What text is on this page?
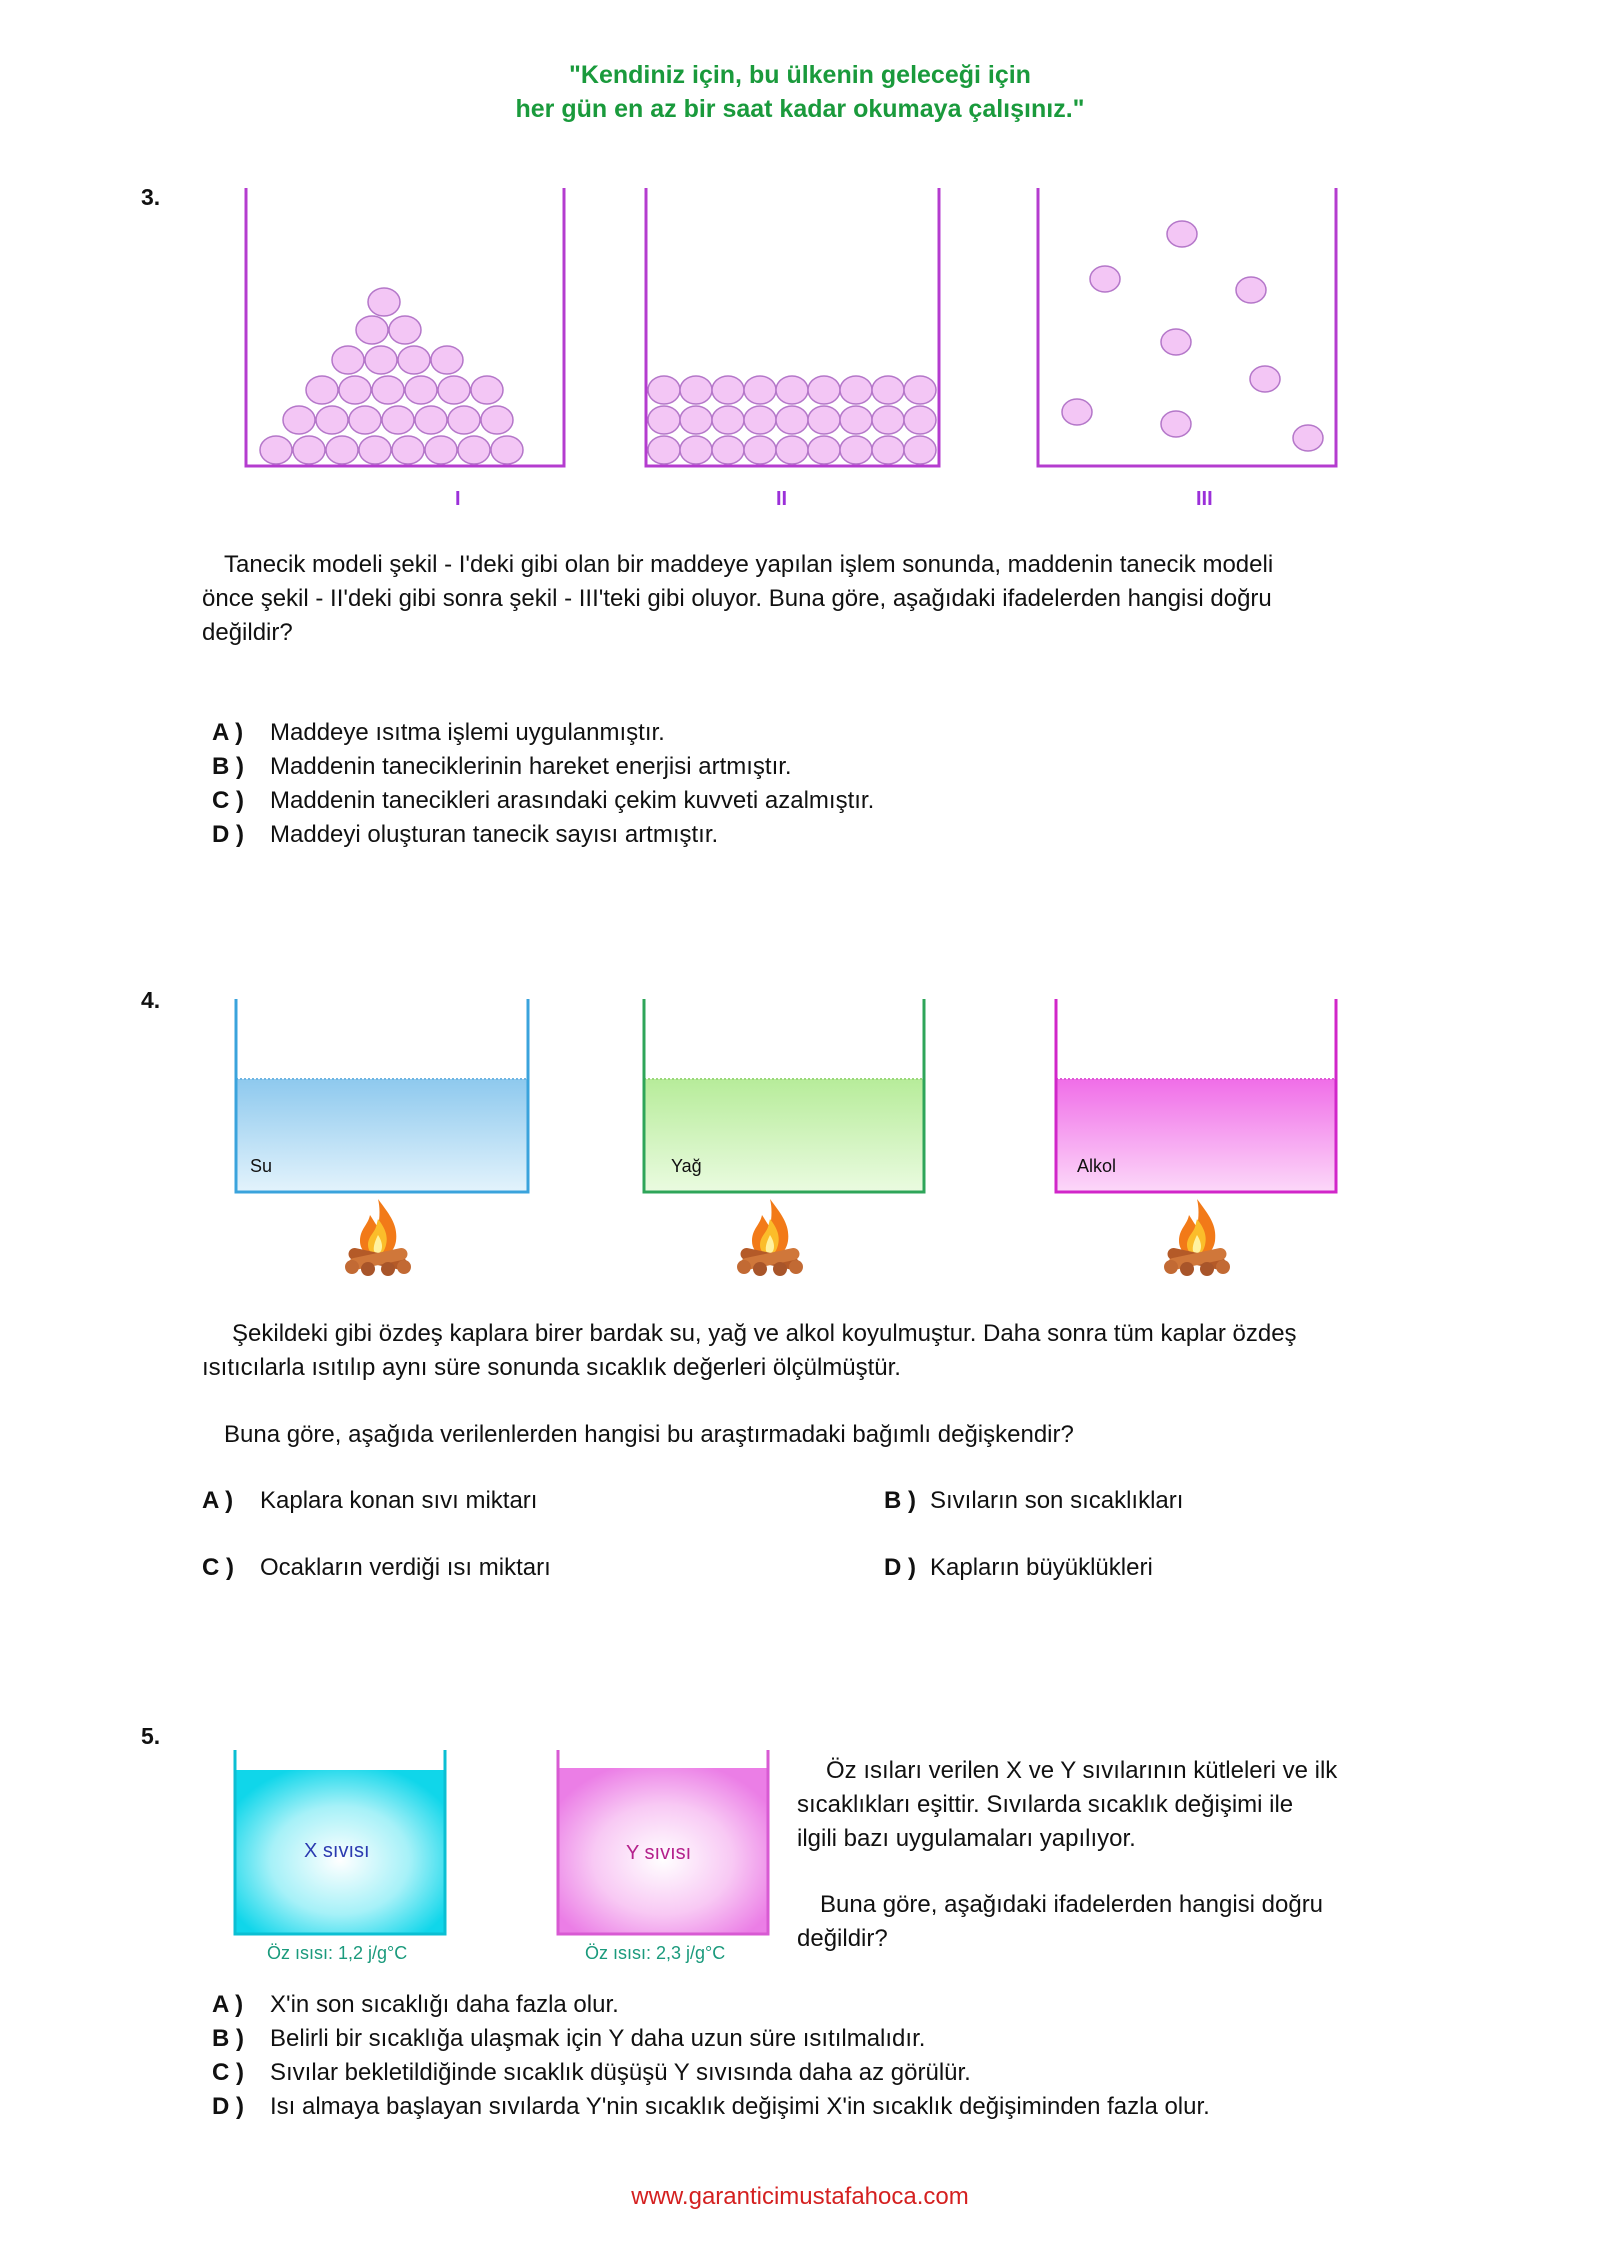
"Kendiniz için, bu ülkenin geleceği için
her gün en az bir saat kadar okumaya çalışınız."
3.
I	II	III
Tanecik modeli şekil - I'deki gibi olan bir maddeye yapılan işlem sonunda, maddenin tanecik modeli
önce şekil - II'deki gibi sonra şekil - III'teki gibi oluyor. Buna göre, aşağıdaki ifadelerden hangisi doğru
değildir?
A ) Maddeye ısıtma işlemi uygulanmıştır.
B ) Maddenin taneciklerinin hareket enerjisi artmıştır.
C ) Maddenin tanecikleri arasındaki çekim kuvveti azalmıştır.
D ) Maddeyi oluşturan tanecik sayısı artmıştır.
4.
Su	Yağ	Alkol
Şekildeki gibi özdeş kaplara birer bardak su, yağ ve alkol koyulmuştur. Daha sonra tüm kaplar özdeş
ısıtıcılarla ısıtılıp aynı süre sonunda sıcaklık değerleri ölçülmüştür.
Buna göre, aşağıda verilenlerden hangisi bu araştırmadaki bağımlı değişkendir?
A ) Kaplara konan sıvı miktarı	B ) Sıvıların son sıcaklıkları
C ) Ocakların verdiği ısı miktarı	D ) Kapların büyüklükleri
5.
X sıvısı	Y sıvısı
Öz ısısı: 1,2 j/g°C	Öz ısısı: 2,3 j/g°C
Öz ısıları verilen X ve Y sıvılarının kütleleri ve ilk
sıcaklıkları eşittir. Sıvılarda sıcaklık değişimi ile
ilgili bazı uygulamaları yapılıyor.
Buna göre, aşağıdaki ifadelerden hangisi doğru
değildir?
A ) X'in son sıcaklığı daha fazla olur.
B ) Belirli bir sıcaklığa ulaşmak için Y daha uzun süre ısıtılmalıdır.
C ) Sıvılar bekletildiğinde sıcaklık düşüşü Y sıvısında daha az görülür.
D ) Isı almaya başlayan sıvılarda Y'nin sıcaklık değişimi X'in sıcaklık değişiminden fazla olur.
www.garanticimustafahoca.com
